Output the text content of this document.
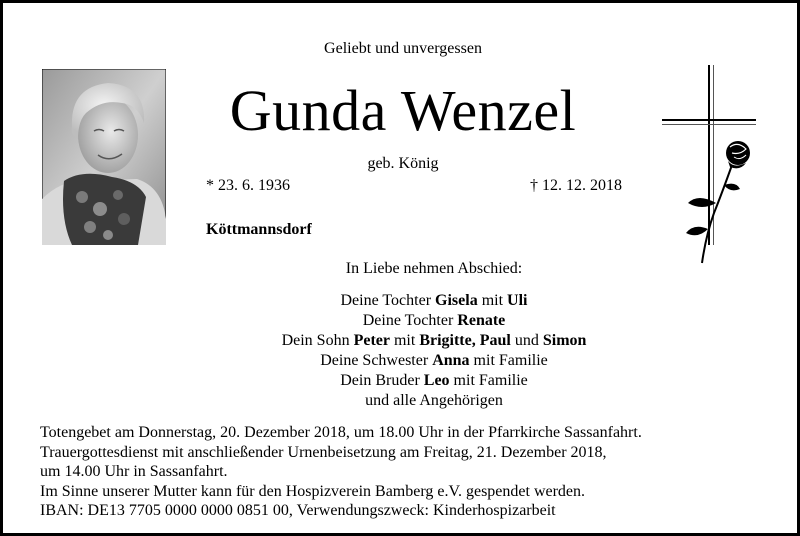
Geliebt und unvergessen
Gunda Wenzel
geb. König
* 23. 6. 1936	† 12. 12. 2018
Köttmannsdorf
In Liebe nehmen Abschied:
Deine Tochter Gisela mit Uli
Deine Tochter Renate
Dein Sohn Peter mit Brigitte, Paul und Simon
Deine Schwester Anna mit Familie
Dein Bruder Leo mit Familie
und alle Angehörigen
Totengebet am Donnerstag, 20. Dezember 2018, um 18.00 Uhr in der Pfarrkirche Sassanfahrt.
Trauergottesdienst mit anschließender Urnenbeisetzung am Freitag, 21. Dezember 2018,
um 14.00 Uhr in Sassanfahrt.
Im Sinne unserer Mutter kann für den Hospizverein Bamberg e.V. gespendet werden.
IBAN: DE13 7705 0000 0000 0851 00, Verwendungszweck: Kinderhospizarbeit
